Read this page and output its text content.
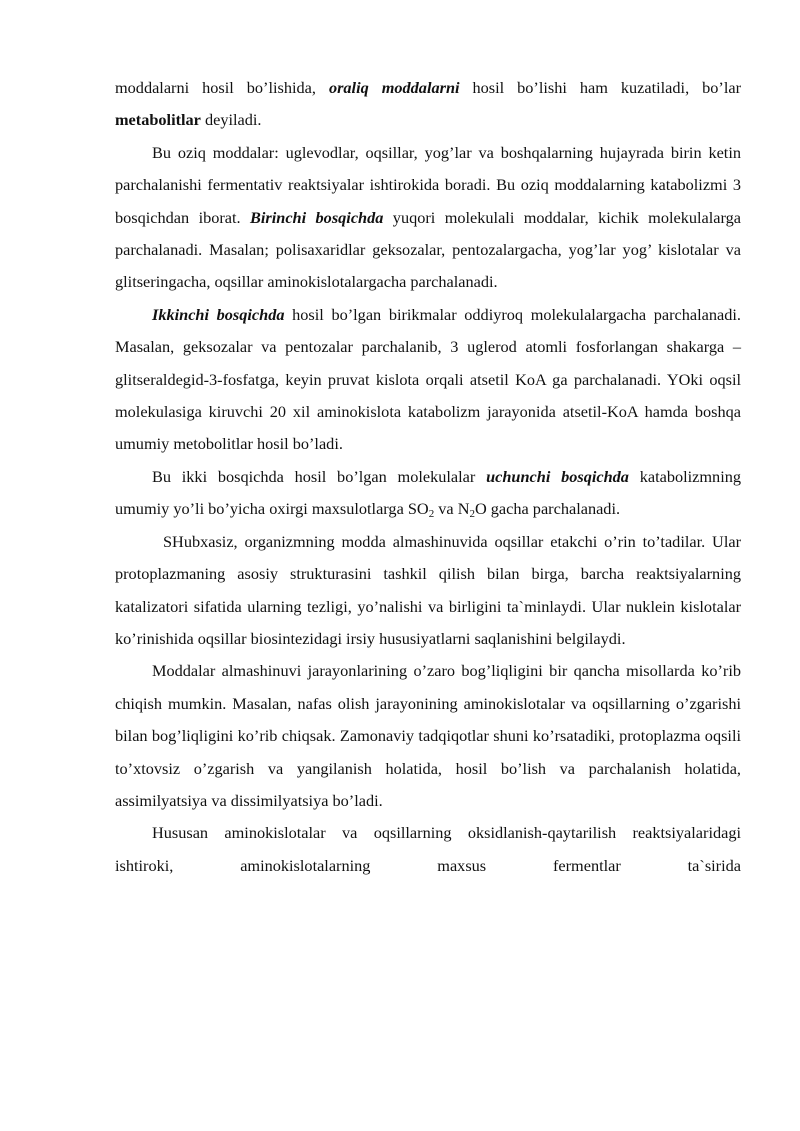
moddalarni hosil bo’lishida, oraliq moddalarni hosil bo’lishi ham kuzatiladi, bo’lar metabolitlar deyiladi.

Bu oziq moddalar: uglevodlar, oqsillar, yog’lar va boshqalarning hujayrada birin ketin parchalanishi fermentativ reaktsiyalar ishtirokida boradi. Bu oziq moddalarning katabolizmi 3 bosqichdan iborat. Birinchi bosqichda yuqori molekulali moddalar, kichik molekulalarga parchalanadi. Masalan; polisaxaridlar geksozalar, pentozalargacha, yog’lar yog’ kislotalar va glitseringacha, oqsillar aminokislotalargacha parchalanadi.

Ikkinchi bosqichda hosil bo’lgan birikmalar oddiyroq molekulalargacha parchalanadi. Masalan, geksozalar va pentozalar parchalanib, 3 uglerod atomli fosforlangan shakarga – glitseraldegid-3-fosfatga, keyin pruvat kislota orqali atsetil KoA ga parchalanadi. YOki oqsil molekulasiga kiruvchi 20 xil aminokislota katabolizm jarayonida atsetil-KoA hamda boshqa umumiy metobolitlar hosil bo’ladi.

Bu ikki bosqichda hosil bo’lgan molekulalar uchunchi bosqichda katabolizmning umumiy yo’li bo’yicha oxirgi maxsulotlarga $SO_2$ va $N_2O$ gacha parchalanadi.

SHubxasiz, organizmning modda almashinuvida oqsillar etakchi o’rin to’tadilar. Ular protoplazmaning asosiy strukturasini tashkil qilish bilan birga, barcha reaktsiyalarning katalizatori sifatida ularning tezligi, yo’nalishi va birligini ta`minlaydi. Ular nuklein kislotalar ko’rinishida oqsillar biosintezidagi irsiy hususiyatlarni saqlanishini belgilaydi.

Moddalar almashinuvi jarayonlarining o’zaro bog’liqligini bir qancha misollarda ko’rib chiqish mumkin. Masalan, nafas olish jarayonining aminokislotalar va oqsillarning o’zgarishi bilan bog’liqligini ko’rib chiqsak. Zamonaviy tadqiqotlar shuni ko’rsatadiki, protoplazma oqsili to’xtovsiz o’zgarish va yangilanish holatida, hosil bo’lish va parchalanish holatida, assimilyatsiya va dissimilyatsiya bo’ladi.

Hususan aminokislotalar va oqsillarning oksidlanish-qaytarilish reaktsiyalaridagi ishtiroki, aminokislotalarning maxsus fermentlar ta`sirida
